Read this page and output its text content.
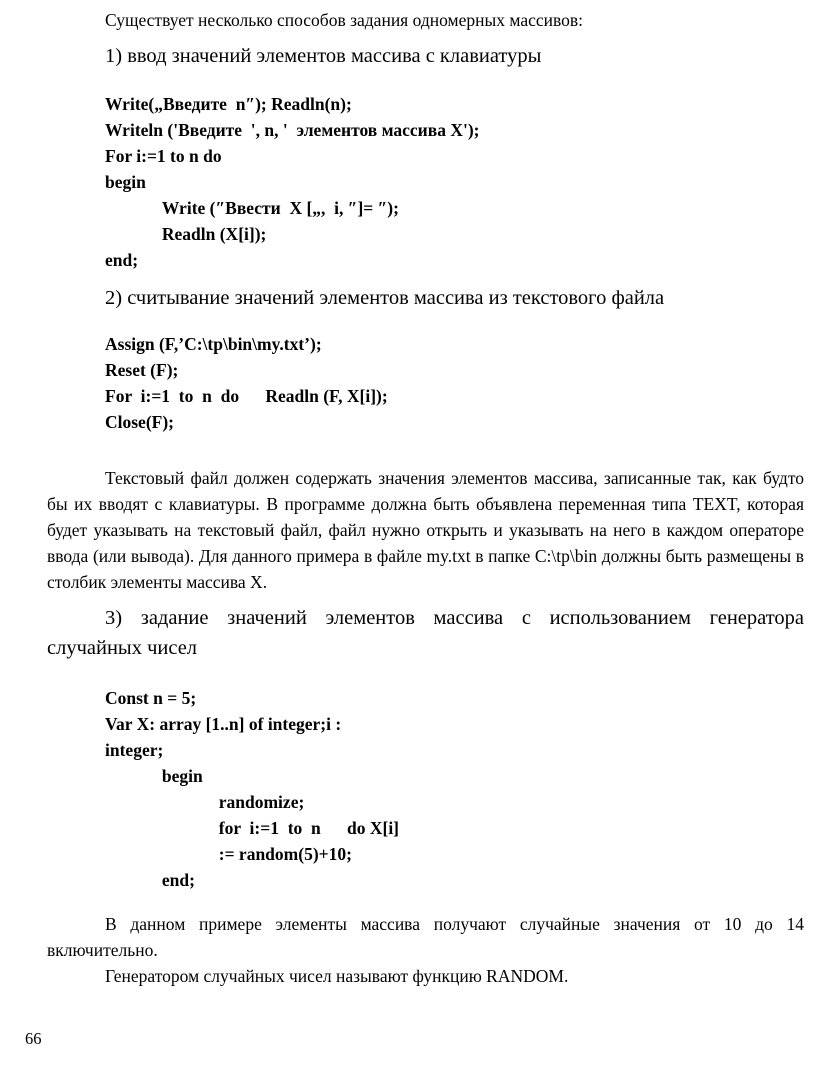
Существует несколько способов задания одномерных массивов:

1) ввод значений элементов массива с клавиатуры
Write(„Введите  n″); Readln(n);
Writeln ('Введите  ', n, '  элементов массива X');
For i:=1 to n do
begin
Write (″Ввести  X [„,  i, ″]= ″);
Readln (X[i]);
end;
2) считывание значений элементов массива из текстового файла
Assign (F,’C:\tp\bin\my.txt’);
Reset (F);
For  i:=1  to  n  do      Readln (F, X[i]);
Close(F);

Текстовый файл должен содержать значения элементов массива, записанные так, как будто бы их вводят с клавиатуры. В программе должна быть объявлена переменная типа TEXT, которая будет указывать на текстовый файл, файл нужно открыть и указывать на него в каждом операторе ввода (или вывода). Для данного примера в файле my.txt в папке C:\tp\bin должны быть размещены в столбик элементы массива X.

3) задание значений элементов массива с использованием генератора случайных чисел
Const n = 5;
Var X: array [1..n] of integer;i :
integer;
begin
randomize;
for  i:=1  to  n      do X[i]
:= random(5)+10;
end;

В данном примере элементы массива получают случайные значения от 10 до 14 включительно.

Генератором случайных чисел называют функцию RANDOM.

66
